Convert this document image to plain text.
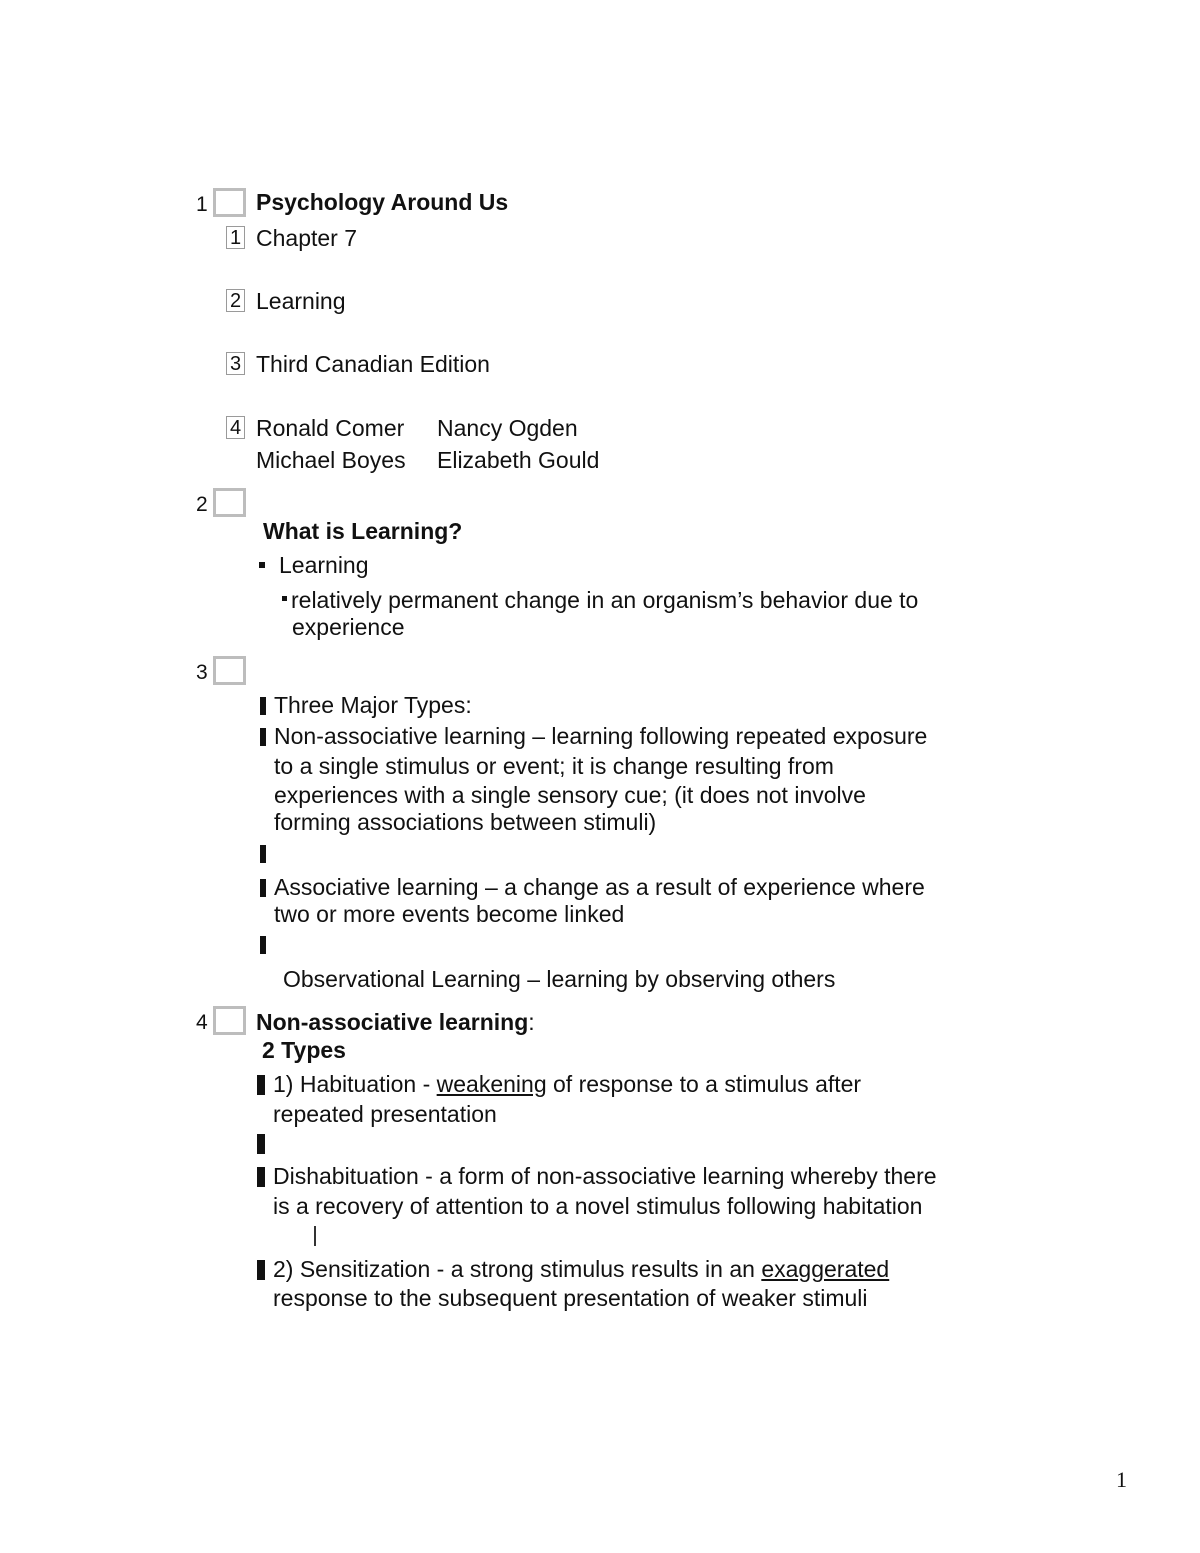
1 Psychology Around Us
1 Chapter 7
2 Learning
3 Third Canadian Edition
4 Ronald Comer Nancy Ogden
Michael Boyes Elizabeth Gould
2
What is Learning?
Learning
relatively permanent change in an organism’s behavior due to
experience
3
Three Major Types:
Non-associative learning – learning following repeated exposure
to a single stimulus or event; it is change resulting from
experiences with a single sensory cue; (it does not involve
forming associations between stimuli)
Associative learning – a change as a result of experience where
two or more events become linked
Observational Learning – learning by observing others
4 Non-associative learning:
2 Types
1) Habituation - weakening of response to a stimulus after
repeated presentation
Dishabituation - a form of non-associative learning whereby there
is a recovery of attention to a novel stimulus following habitation
2) Sensitization - a strong stimulus results in an exaggerated
response to the subsequent presentation of weaker stimuli
1
